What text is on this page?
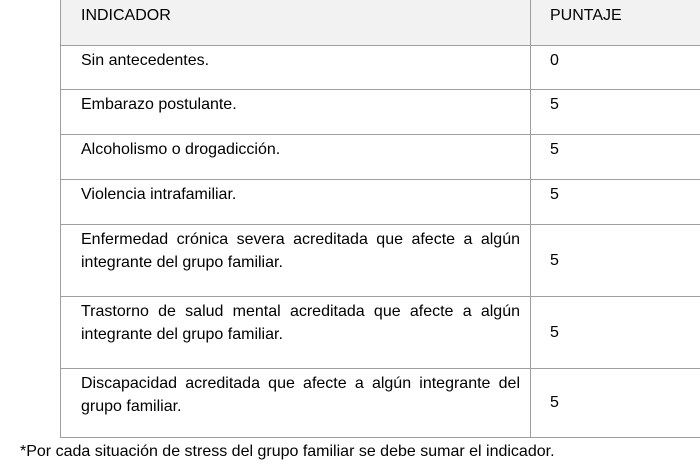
INDICADOR	PUNTAJE
Sin antecedentes.	0
Embarazo postulante.	5
Alcoholismo o drogadicción.	5
Violencia intrafamiliar.	5
Enfermedad crónica severa acreditada que afecte a algún integrante del grupo familiar.	5
Trastorno de salud mental acreditada que afecte a algún integrante del grupo familiar.	5
Discapacidad acreditada que afecte a algún integrante del grupo familiar.	5
*Por cada situación de stress del grupo familiar se debe sumar el indicador.
